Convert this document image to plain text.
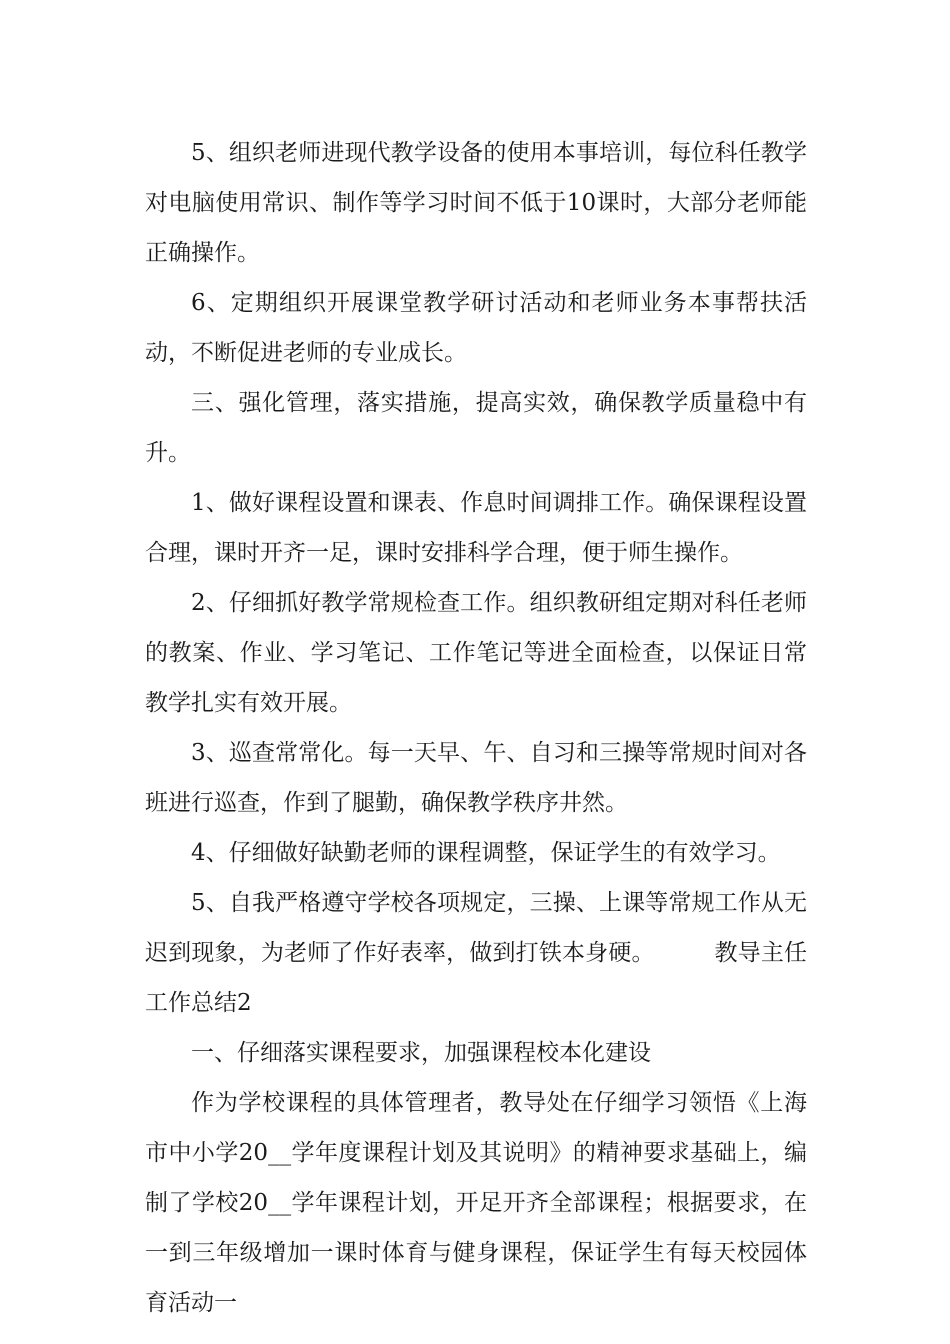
5、组织老师进现代教学设备的使用本事培训，每位科任教学对电脑使用常识、制作等学习时间不低于10课时，大部分老师能正确操作。

6、定期组织开展课堂教学研讨活动和老师业务本事帮扶活动，不断促进老师的专业成长。

三、强化管理，落实措施，提高实效，确保教学质量稳中有升。

1、做好课程设置和课表、作息时间调排工作。确保课程设置合理，课时开齐一足，课时安排科学合理，便于师生操作。

2、仔细抓好教学常规检查工作。组织教研组定期对科任老师的教案、作业、学习笔记、工作笔记等进全面检查，以保证日常教学扎实有效开展。

3、巡查常常化。每一天早、午、自习和三操等常规时间对各班进行巡查，作到了腿勤，确保教学秩序井然。

4、仔细做好缺勤老师的课程调整，保证学生的有效学习。

5、自我严格遵守学校各项规定，三操、上课等常规工作从无迟到现象，为老师了作好表率，做到打铁本身硬。	教导主任工作总结2

一、仔细落实课程要求，加强课程校本化建设

作为学校课程的具体管理者，教导处在仔细学习领悟《上海市中小学20__学年度课程计划及其说明》的精神要求基础上，编制了学校20__学年课程计划，开足开齐全部课程；根据要求，在一到三年级增加一课时体育与健身课程，保证学生有每天校园体育活动一
